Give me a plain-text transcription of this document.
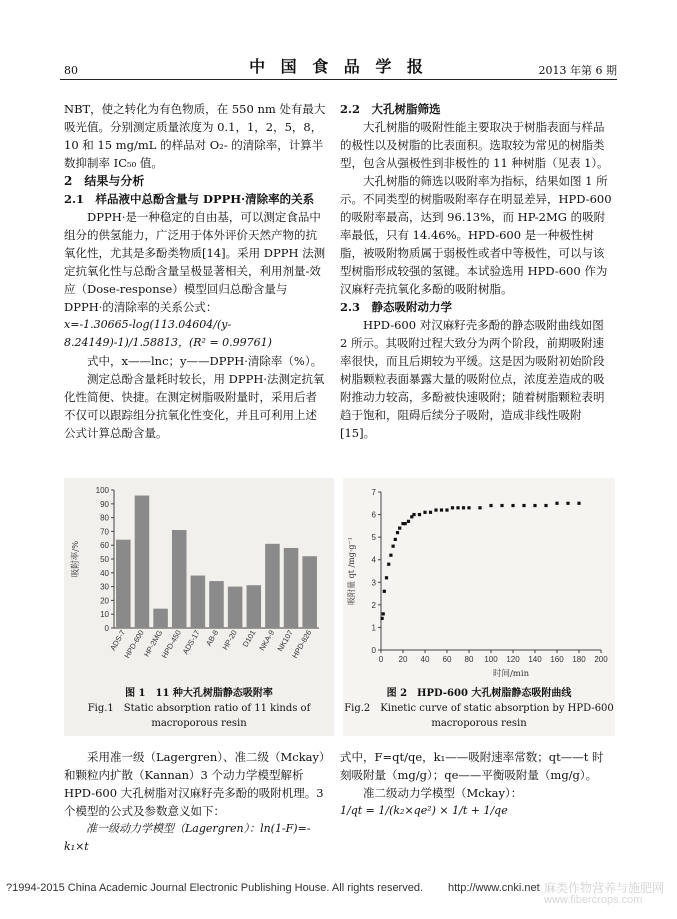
80	中 国 食 品 学 报	2013 年第 6 期

NBT，使之转化为有色物质，在 550 nm 处有最大吸光值。分别测定质量浓度为 0.1，1，2，5，8，10 和 15 mg/mL 的样品对 O₂- 的清除率，计算半数抑制率 IC₅₀ 值。

2　结果与分析
2.1　样品液中总酚含量与 DPPH·清除率的关系

DPPH·是一种稳定的自由基，可以测定食品中组分的供氢能力，广泛用于体外评价天然产物的抗氧化性，尤其是多酚类物质[14]。采用 DPPH 法测定抗氧化性与总酚含量呈极显著相关，利用剂量-效应（Dose-response）模型回归总酚含量与 DPPH·的清除率的关系公式：

x=-1.30665-log(113.04604/(y-8.24149)-1)/1.58813，(R² = 0.99761)

式中，x——lnc；y——DPPH·清除率（%）。

测定总酚含量耗时较长，用 DPPH·法测定抗氧化性简便、快捷。在测定树脂吸附量时，采用后者不仅可以跟踪组分抗氧化性变化，并且可利用上述公式计算总酚含量。

2.2　大孔树脂筛选

大孔树脂的吸附性能主要取决于树脂表面与样品的极性以及树脂的比表面积。选取较为常见的树脂类型，包含从强极性到非极性的 11 种树脂（见表 1）。

大孔树脂的筛选以吸附率为指标，结果如图 1 所示。不同类型的树脂吸附率存在明显差异，HPD-600 的吸附率最高，达到 96.13%，而 HP-2MG 的吸附率最低，只有 14.46%。HPD-600 是一种极性树脂，被吸附物质属于弱极性或者中等极性，可以与该型树脂形成较强的氢键。本试验选用 HPD-600 作为汉麻籽壳抗氧化多酚的吸附树脂。

2.3　静态吸附动力学

HPD-600 对汉麻籽壳多酚的静态吸附曲线如图 2 所示。其吸附过程大致分为两个阶段，前期吸附速率很快，而且后期较为平缓。这是因为吸附初始阶段树脂颗粒表面暴露大量的吸附位点，浓度差造成的吸附推动力较高，多酚被快速吸附；随着树脂颗粒表明趋于饱和，阻碍后续分子吸附，造成非线性吸附[15]。

0
10
20
30
40
50
60
70
80
90
100
ADS-7
HPD-600
HP-2MG
HPD-450
ADS-17 AB-8 HP-20 D101 NKA-9 NK107
HPD-826
吸附率/%
0
1
2
3
4
5
6
7
0 20 40 60 80 100 120 140 160 180 200
时间/min
吸附量 qt /mg·g⁻¹
图 1　11 种大孔树脂静态吸附率
Fig.1　Static absorption ratio of 11 kinds of macroporous resin
图 2　HPD-600 大孔树脂静态吸附曲线
Fig.2　Kinetic curve of static absorption by HPD-600 macroporous resin

采用准一级（Lagergren）、准二级（Mckay）和颗粒内扩散（Kannan）3 个动力学模型解析 HPD-600 大孔树脂对汉麻籽壳多酚的吸附机理。3 个模型的公式及参数意义如下：

准一级动力学模型（Lagergren）：ln(1-F)=-k₁×t

式中，F=qt/qe，k₁——吸附速率常数；qt——t 时刻吸附量（mg/g）；qe——平衡吸附量（mg/g）。

准二级动力学模型（Mckay）：

1/qt = 1/(k₂×qe²) × 1/t + 1/qe

?1994-2015 China Academic Journal Electronic Publishing House. All rights reserved. http://www.cnki.net 麻类作物营养与施肥网
www.fibercrops.com
